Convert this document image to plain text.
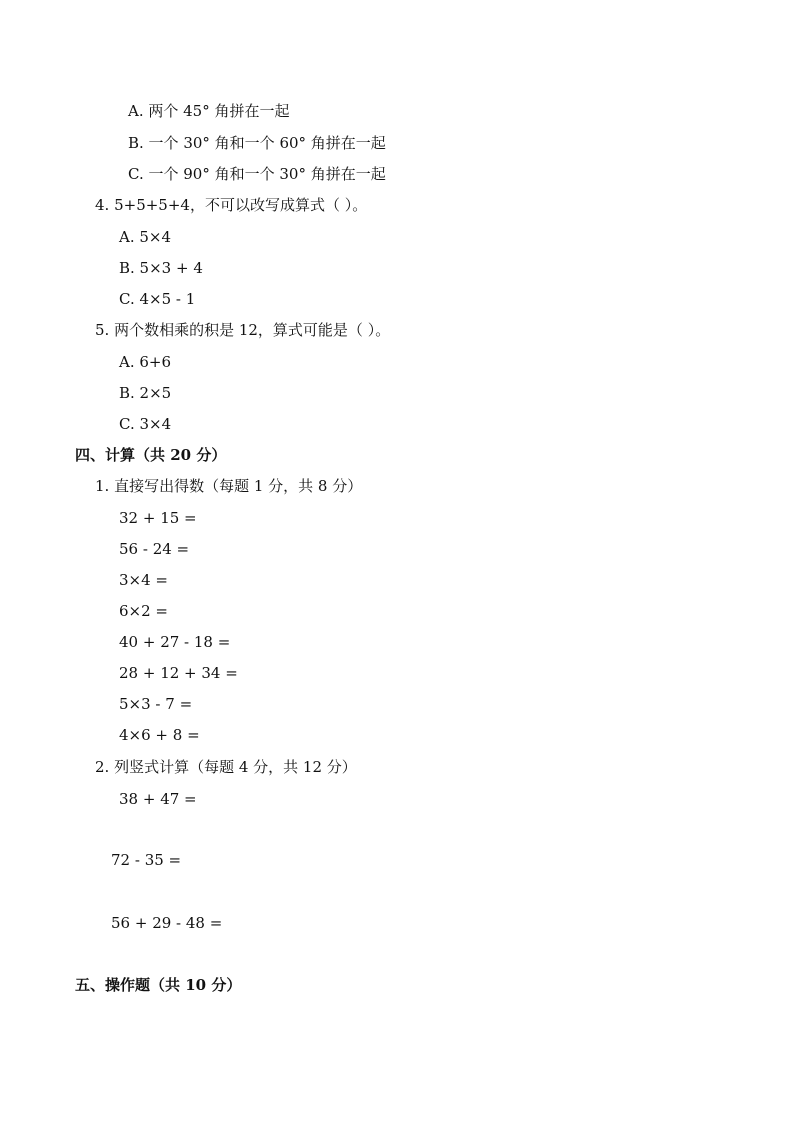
A. 两个 45° 角拼在一起
B. 一个 30° 角和一个 60° 角拼在一起
C. 一个 90° 角和一个 30° 角拼在一起
4. 5+5+5+4，不可以改写成算式（ ）。
A. 5×4
B. 5×3 + 4
C. 4×5 - 1
5. 两个数相乘的积是 12，算式可能是（ ）。
A. 6+6
B. 2×5
C. 3×4
四、计算（共 20 分）
1. 直接写出得数（每题 1 分，共 8 分）
32 + 15 =
56 - 24 =
3×4 =
6×2 =
40 + 27 - 18 =
28 + 12 + 34 =
5×3 - 7 =
4×6 + 8 =
2. 列竖式计算（每题 4 分，共 12 分）
38 + 47 =
72 - 35 =
56 + 29 - 48 =
五、操作题（共 10 分）
